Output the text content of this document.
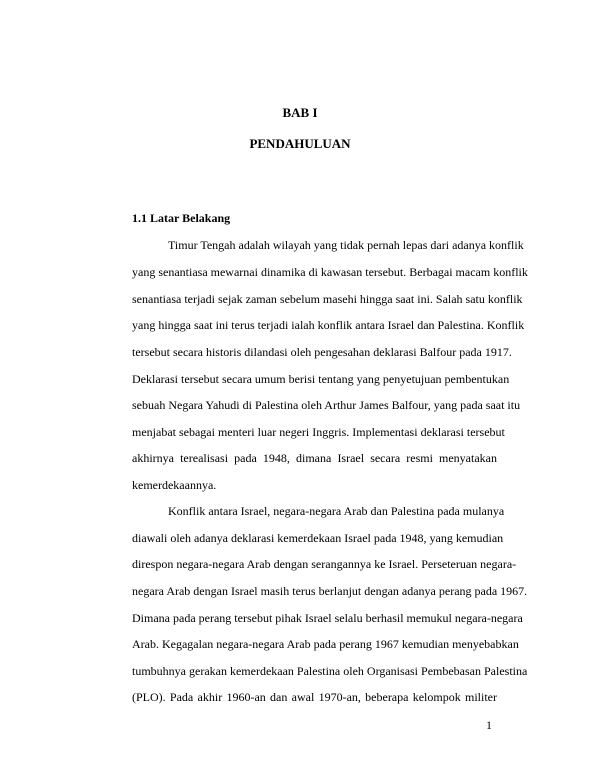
BAB I

PENDAHULUAN

1.1 Latar Belakang

Timur Tengah adalah wilayah yang tidak pernah lepas dari adanya konflik

yang senantiasa mewarnai dinamika di kawasan tersebut. Berbagai macam konflik

senantiasa terjadi sejak zaman sebelum masehi hingga saat ini. Salah satu konflik

yang hingga saat ini terus terjadi ialah konflik antara Israel dan Palestina. Konflik

tersebut secara historis dilandasi oleh pengesahan deklarasi Balfour pada 1917.

Deklarasi tersebut secara umum berisi tentang yang penyetujuan pembentukan

sebuah Negara Yahudi di Palestina oleh Arthur James Balfour, yang pada saat itu

menjabat sebagai menteri luar negeri Inggris. Implementasi deklarasi tersebut

akhirnya terealisasi pada 1948, dimana Israel secara resmi menyatakan

kemerdekaannya.

Konflik antara Israel, negara-negara Arab dan Palestina pada mulanya

diawali oleh adanya deklarasi kemerdekaan Israel pada 1948, yang kemudian

direspon negara-negara Arab dengan serangannya ke Israel. Perseteruan negara-

negara Arab dengan Israel masih terus berlanjut dengan adanya perang pada 1967.

Dimana pada perang tersebut pihak Israel selalu berhasil memukul negara-negara

Arab. Kegagalan negara-negara Arab pada perang 1967 kemudian menyebabkan

tumbuhnya gerakan kemerdekaan Palestina oleh Organisasi Pembebasan Palestina

(PLO). Pada akhir 1960-an dan awal 1970-an, beberapa kelompok militer

1
